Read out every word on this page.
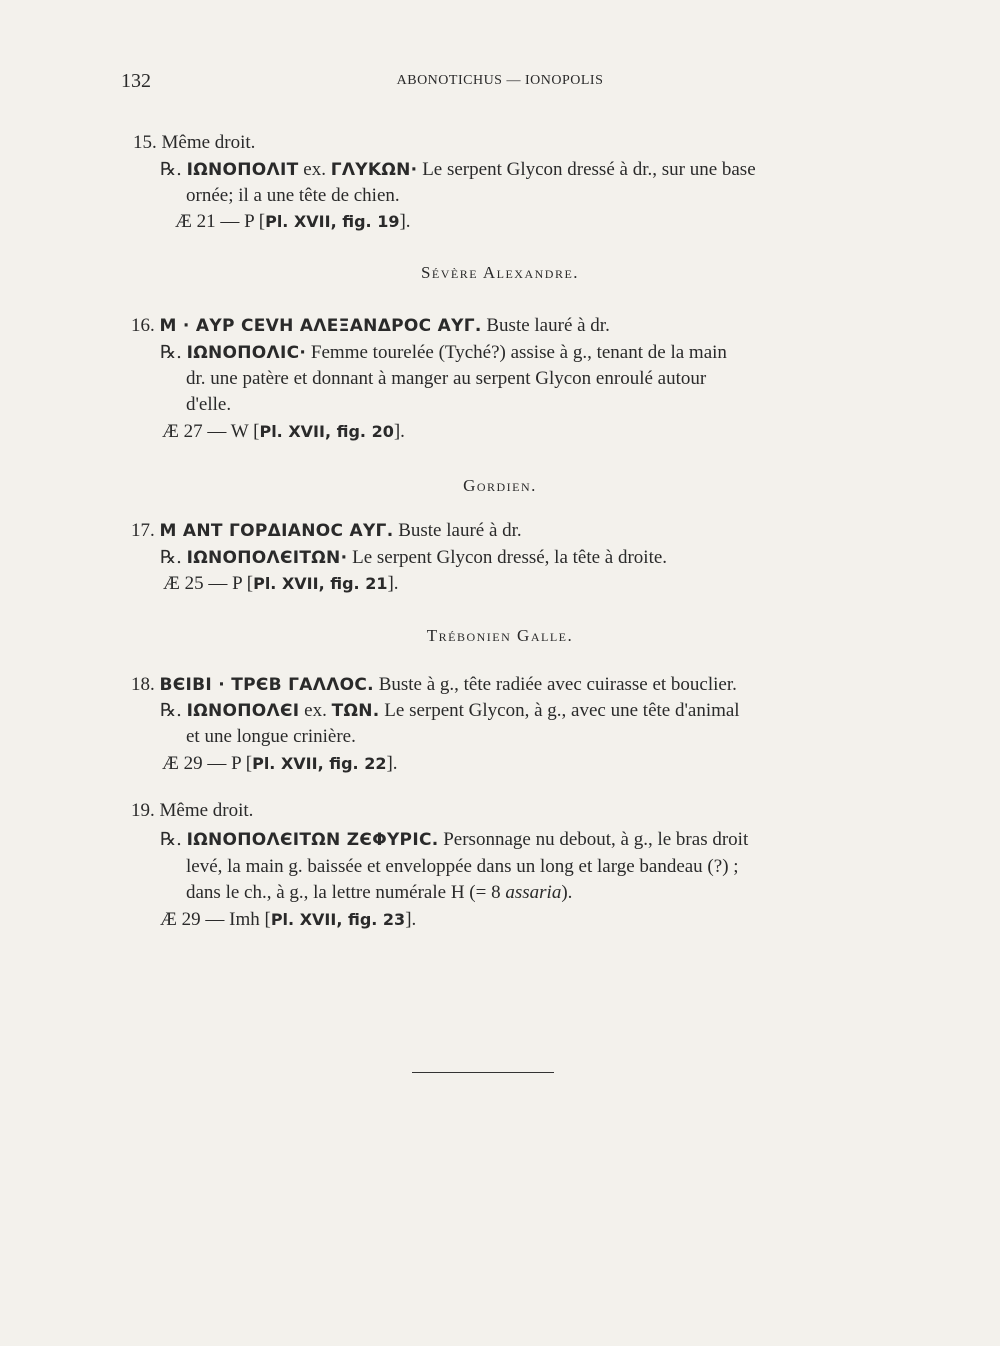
132	ABONOTICHUS — IONOPOLIS
15. Même droit.
℞. ΙΩΝΟΠΟΛΙΤ ex. ΓΛΥΚΩΝ· Le serpent Glycon dressé à dr., sur une base
ornée; il a une tête de chien.
Æ 21 — P [Pl. XVII, fig. 19].
Sévère Alexandre.
16. Μ · ΑΥΡ ϹΕVΗ ΑΛΕΞΑΝΔΡΟϹ ΑΥΓ. Buste lauré à dr.
℞. ΙΩΝΟΠΟΛΙϹ· Femme tourelée (Tyché?) assise à g., tenant de la main
dr. une patère et donnant à manger au serpent Glycon enroulé autour
d'elle.
Æ 27 — W [Pl. XVII, fig. 20].
Gordien.
17. Μ ΑΝΤ ΓΟΡΔΙΑΝΟϹ ΑΥΓ. Buste lauré à dr.
℞. ΙΩΝΟΠΟΛЄΙΤΩΝ· Le serpent Glycon dressé, la tête à droite.
Æ 25 — P [Pl. XVII, fig. 21].
Trébonien Galle.
18. ΒЄΙΒΙ · ΤΡЄΒ ΓΑΛΛΟϹ. Buste à g., tête radiée avec cuirasse et bouclier.
℞. ΙΩΝΟΠΟΛЄΙ ex. ΤΩΝ. Le serpent Glycon, à g., avec une tête d'animal
et une longue crinière.
Æ 29 — P [Pl. XVII, fig. 22].
19. Même droit.
℞. ΙΩΝΟΠΟΛЄΙΤΩΝ ΖЄΦΥΡΙϹ. Personnage nu debout, à g., le bras droit
levé, la main g. baissée et enveloppée dans un long et large bandeau (?) ;
dans le ch., à g., la lettre numérale H (= 8 assaria).
Æ 29 — Imh [Pl. XVII, fig. 23].
